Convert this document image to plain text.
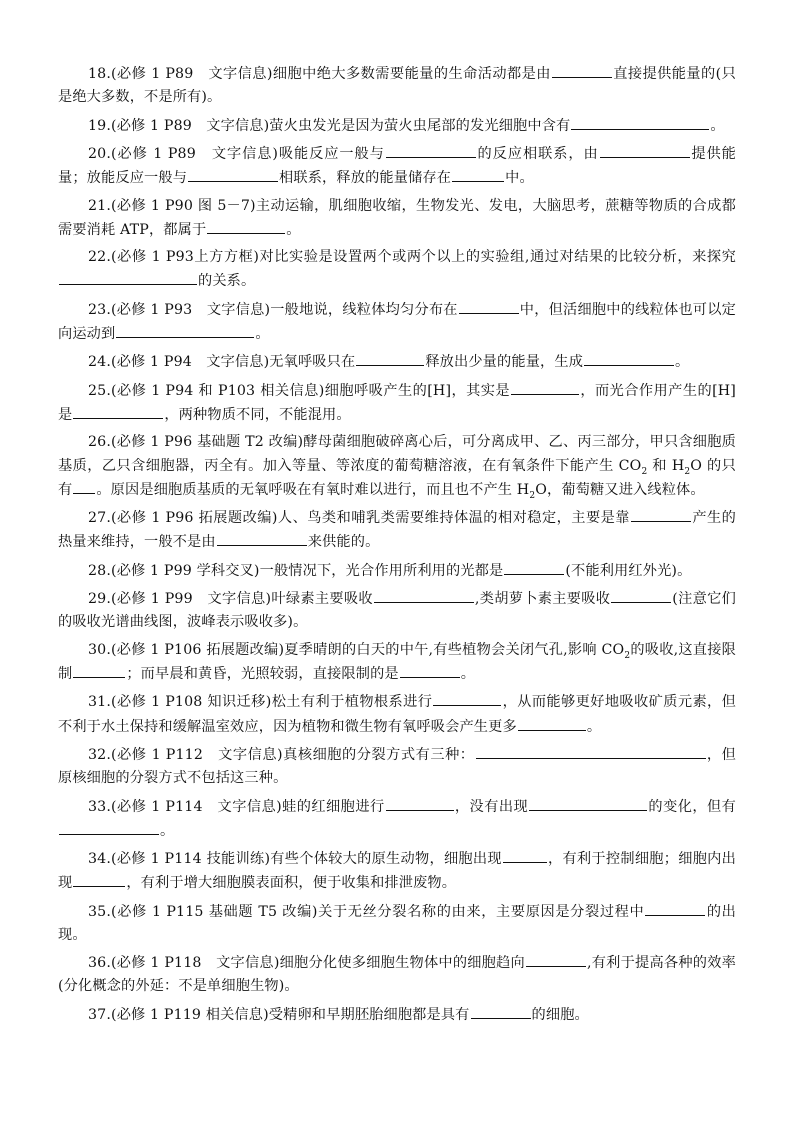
18.(必修 1 P89　文字信息)细胞中绝大多数需要能量的生命活动都是由	直接提供能量的(只是绝大多数，不是所有)。

19.(必修 1 P89　文字信息)萤火虫发光是因为萤火虫尾部的发光细胞中含有	。

20.(必修 1 P89　文字信息)吸能反应一般与	的反应相联系，由	提供能量；放能反应一般与	相联系，释放的能量储存在	中。

21.(必修 1 P90 图 5－7)主动运输，肌细胞收缩，生物发光、发电，大脑思考，蔗糖等物质的合成都需要消耗 ATP，都属于	。

22.(必修 1 P93上方方框)对比实验是设置两个或两个以上的实验组,通过对结果的比较分析，来探究的关系。

23.(必修 1 P93　文字信息)一般地说，线粒体均匀分布在	中，但活细胞中的线粒体也可以定向运动到	。

24.(必修 1 P94　文字信息)无氧呼吸只在	释放出少量的能量，生成	。

25.(必修 1 P94 和 P103 相关信息)细胞呼吸产生的[H]，其实是	，而光合作用产生的[H]是	，两种物质不同，不能混用。

26.(必修 1 P96 基础题 T2 改编)酵母菌细胞破碎离心后，可分离成甲、乙、丙三部分，甲只含细胞质基质，乙只含细胞器，丙全有。加入等量、等浓度的葡萄糖溶液，在有氧条件下能产生 $CO_2$ 和 $H_2O$ 的只有 。原因是细胞质基质的无氧呼吸在有氧时难以进行，而且也不产生 $H_2O$，葡萄糖又进入线粒体。

27.(必修 1 P96 拓展题改编)人、鸟类和哺乳类需要维持体温的相对稳定，主要是靠	产生的热量来维持，一般不是由	来供能的。

28.(必修 1 P99 学科交叉)一般情况下，光合作用所利用的光都是	(不能利用红外光)。

29.(必修 1 P99　文字信息)叶绿素主要吸收	,类胡萝卜素主要吸收	(注意它们的吸收光谱曲线图，波峰表示吸收多)。

30.(必修 1 P106 拓展题改编)夏季晴朗的白天的中午,有些植物会关闭气孔,影响 $CO_2$的吸收,这直接限制	；而早晨和黄昏，光照较弱，直接限制的是	。

31.(必修 1 P108 知识迁移)松土有利于植物根系进行	，从而能够更好地吸收矿质元素，但不利于水土保持和缓解温室效应，因为植物和微生物有氧呼吸会产生更多	。

32.(必修 1 P112　文字信息)真核细胞的分裂方式有三种：	，但原核细胞的分裂方式不包括这三种。

33.(必修 1 P114　文字信息)蛙的红细胞进行	，没有出现	的变化，但有。

34.(必修 1 P114 技能训练)有些个体较大的原生动物，细胞出现	，有利于控制细胞；细胞内出现	，有利于增大细胞膜表面积，便于收集和排泄废物。

35.(必修 1 P115 基础题 T5 改编)关于无丝分裂名称的由来，主要原因是分裂过程中	的出现。

36.(必修 1 P118　文字信息)细胞分化使多细胞生物体中的细胞趋向	,有利于提高各种的效率(分化概念的外延：不是单细胞生物)。

37.(必修 1 P119 相关信息)受精卵和早期胚胎细胞都是具有	的细胞。
